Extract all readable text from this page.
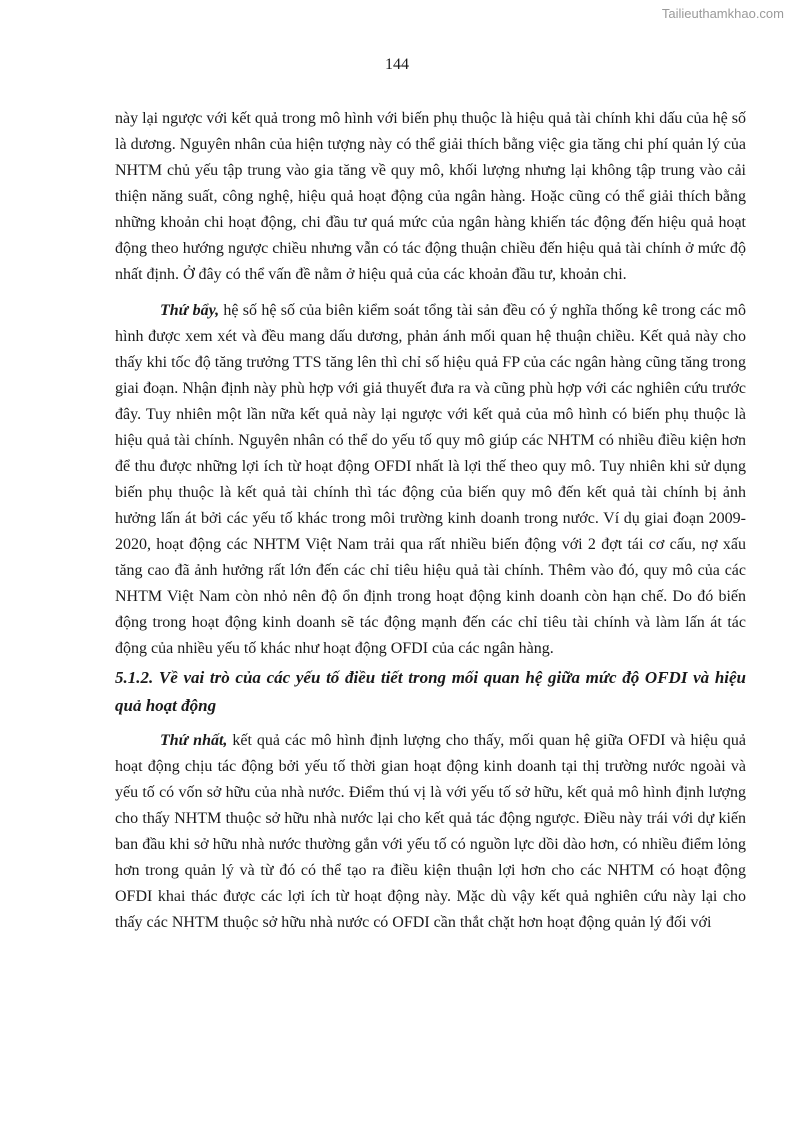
Tailieuthamkhao.com
144

này lại ngược với kết quả trong mô hình với biến phụ thuộc là hiệu quả tài chính khi dấu của hệ số là dương. Nguyên nhân của hiện tượng này có thể giải thích bằng việc gia tăng chi phí quản lý của NHTM chủ yếu tập trung vào gia tăng về quy mô, khối lượng nhưng lại không tập trung vào cải thiện năng suất, công nghệ, hiệu quả hoạt động của ngân hàng. Hoặc cũng có thể giải thích bằng những khoản chi hoạt động, chi đầu tư quá mức của ngân hàng khiến tác động đến hiệu quả hoạt động theo hướng ngược chiều nhưng vẫn có tác động thuận chiều đến hiệu quả tài chính ở mức độ nhất định. Ở đây có thể vấn đề nằm ở hiệu quả của các khoản đầu tư, khoản chi.

Thứ bẩy, hệ số hệ số của biên kiểm soát tổng tài sản đều có ý nghĩa thống kê trong các mô hình được xem xét và đều mang dấu dương, phản ánh mối quan hệ thuận chiều. Kết quả này cho thấy khi tốc độ tăng trưởng TTS tăng lên thì chỉ số hiệu quả FP của các ngân hàng cũng tăng trong giai đoạn. Nhận định này phù hợp với giả thuyết đưa ra và cũng phù hợp với các nghiên cứu trước đây. Tuy nhiên một lần nữa kết quả này lại ngược với kết quả của mô hình có biến phụ thuộc là hiệu quả tài chính. Nguyên nhân có thể do yếu tố quy mô giúp các NHTM có nhiều điều kiện hơn để thu được những lợi ích từ hoạt động OFDI nhất là lợi thế theo quy mô. Tuy nhiên khi sử dụng biến phụ thuộc là kết quả tài chính thì tác động của biến quy mô đến kết quả tài chính bị ảnh hưởng lấn át bởi các yếu tố khác trong môi trường kinh doanh trong nước. Ví dụ giai đoạn 2009-2020, hoạt động các NHTM Việt Nam trải qua rất nhiều biến động với 2 đợt tái cơ cấu, nợ xấu tăng cao đã ảnh hưởng rất lớn đến các chỉ tiêu hiệu quả tài chính. Thêm vào đó, quy mô của các NHTM Việt Nam còn nhỏ nên độ ổn định trong hoạt động kinh doanh còn hạn chế. Do đó biến động trong hoạt động kinh doanh sẽ tác động mạnh đến các chỉ tiêu tài chính và làm lấn át tác động của nhiều yếu tố khác như hoạt động OFDI của các ngân hàng.

5.1.2. Về vai trò của các yếu tố điều tiết trong mối quan hệ giữa mức độ OFDI và hiệu quả hoạt động

Thứ nhất, kết quả các mô hình định lượng cho thấy, mối quan hệ giữa OFDI và hiệu quả hoạt động chịu tác động bởi yếu tố thời gian hoạt động kinh doanh tại thị trường nước ngoài và yếu tố có vốn sở hữu của nhà nước. Điểm thú vị là với yếu tố sở hữu, kết quả mô hình định lượng cho thấy NHTM thuộc sở hữu nhà nước lại cho kết quả tác động ngược. Điều này trái với dự kiến ban đầu khi sở hữu nhà nước thường gắn với yếu tố có nguồn lực dồi dào hơn, có nhiều điểm lỏng hơn trong quản lý và từ đó có thể tạo ra điều kiện thuận lợi hơn cho các NHTM có hoạt động OFDI khai thác được các lợi ích từ hoạt động này. Mặc dù vậy kết quả nghiên cứu này lại cho thấy các NHTM thuộc sở hữu nhà nước có OFDI cần thắt chặt hơn hoạt động quản lý đối với
